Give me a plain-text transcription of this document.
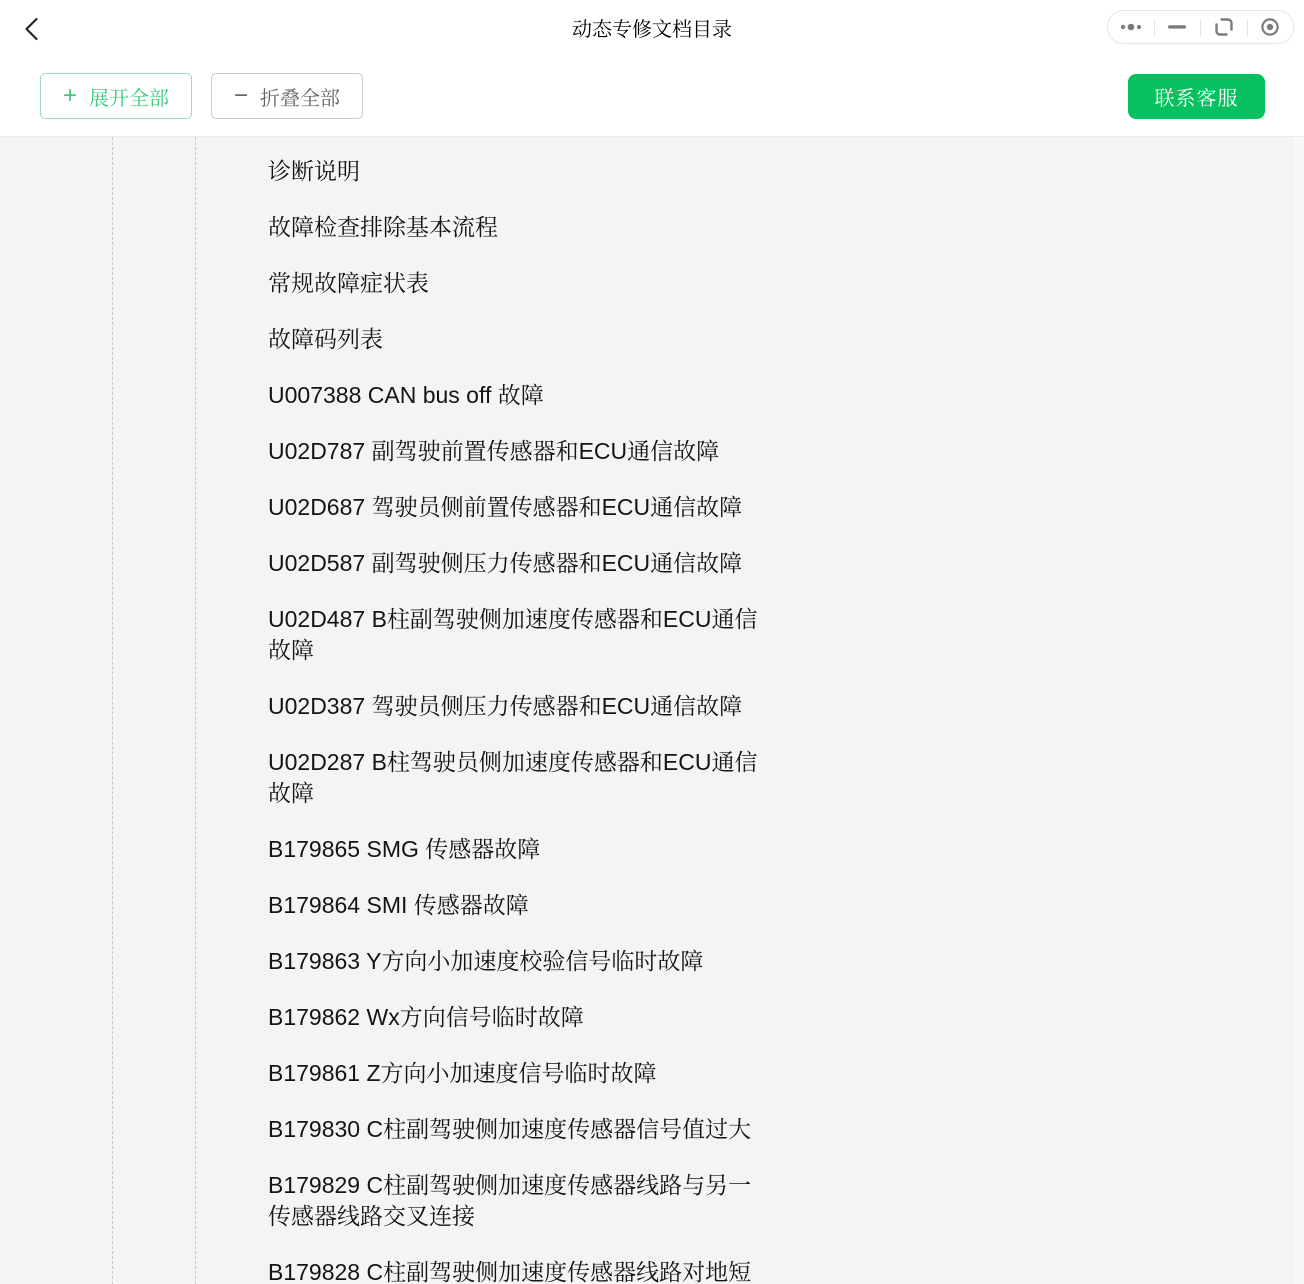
动态专修文档目录
+ 展开全部	− 折叠全部	联系客服
诊断说明
故障检查排除基本流程
常规故障症状表
故障码列表
U007388 CAN bus off 故障
U02D787 副驾驶前置传感器和ECU通信故障
U02D687 驾驶员侧前置传感器和ECU通信故障
U02D587 副驾驶侧压力传感器和ECU通信故障
U02D487 B柱副驾驶侧加速度传感器和ECU通信故障
U02D387 驾驶员侧压力传感器和ECU通信故障
U02D287 B柱驾驶员侧加速度传感器和ECU通信故障
B179865 SMG 传感器故障
B179864 SMI 传感器故障
B179863 Y方向小加速度校验信号临时故障
B179862 Wx方向信号临时故障
B179861 Z方向小加速度信号临时故障
B179830 C柱副驾驶侧加速度传感器信号值过大
B179829 C柱副驾驶侧加速度传感器线路与另一传感器线路交叉连接
B179828 C柱副驾驶侧加速度传感器线路对地短
